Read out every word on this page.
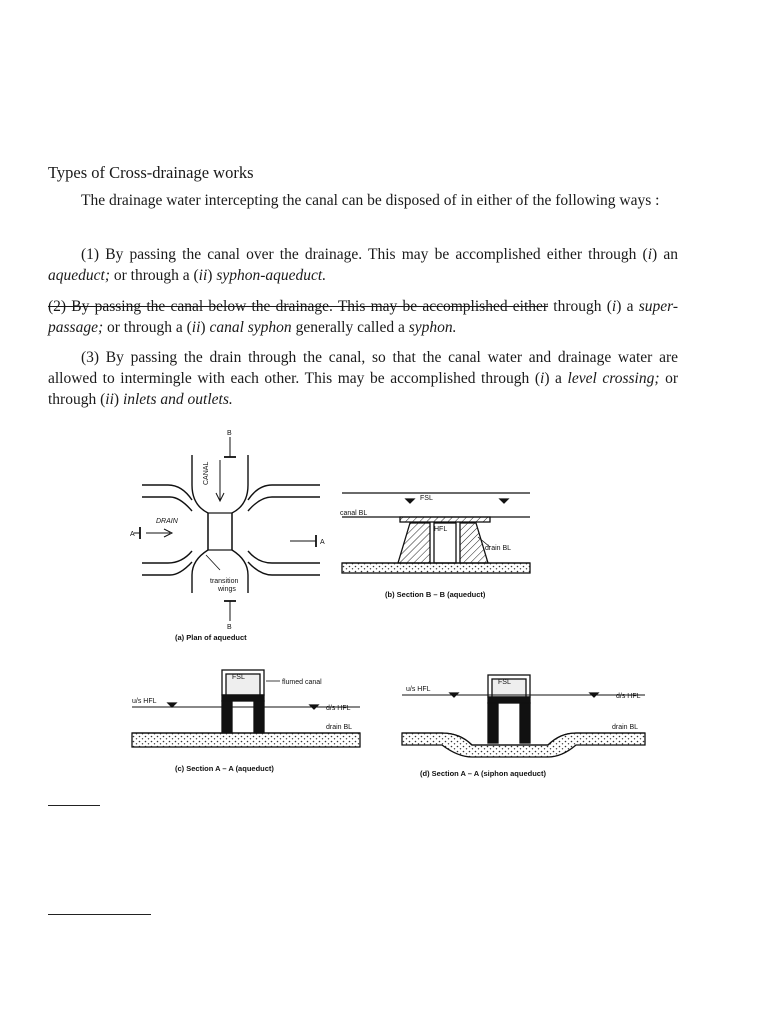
Types of Cross-drainage works
The drainage water intercepting the canal can be disposed of in either of the following ways :
(1) By passing the canal over the drainage. This may be accomplished either through (i) an aqueduct; or through a (ii) syphon-aqueduct.
(2) By passing the canal below the drainage. This may be accomplished either through (i) a super-passage; or through a (ii) canal syphon generally called a syphon.
(3) By passing the drain through the canal, so that the canal water and drainage water are allowed to intermingle with each other. This may be accomplished through (i) a level crossing; or through (ii) inlets and outlets.
CANAL
DRAIN
transition
wings
A
A
B
B
(a) Plan of aqueduct
FSL
canal BL
HFL
drain BL
(b) Section B – B (aqueduct)
FSL
flumed canal
u/s HFL
d/s HFL
drain BL
(c) Section A – A (aqueduct)
FSL
u/s HFL
d/s HFL
drain BL
(d) Section A – A (siphon aqueduct)
